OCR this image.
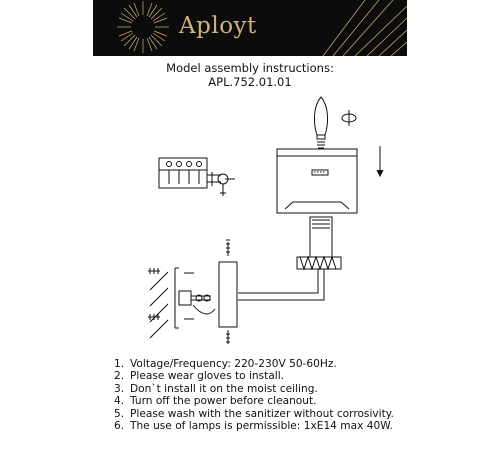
Aployt
Model assembly instructions:
APL.752.01.01
1. Voltage/Frequency: 220-230V 50-60Hz.
2. Please wear gloves to install.
3. Don`t install it on the moist ceiling.
4. Turn off the power before cleanout.
5. Please wash with the sanitizer without corrosivity.
6. The use of lamps is permissible: 1xE14 max 40W.
